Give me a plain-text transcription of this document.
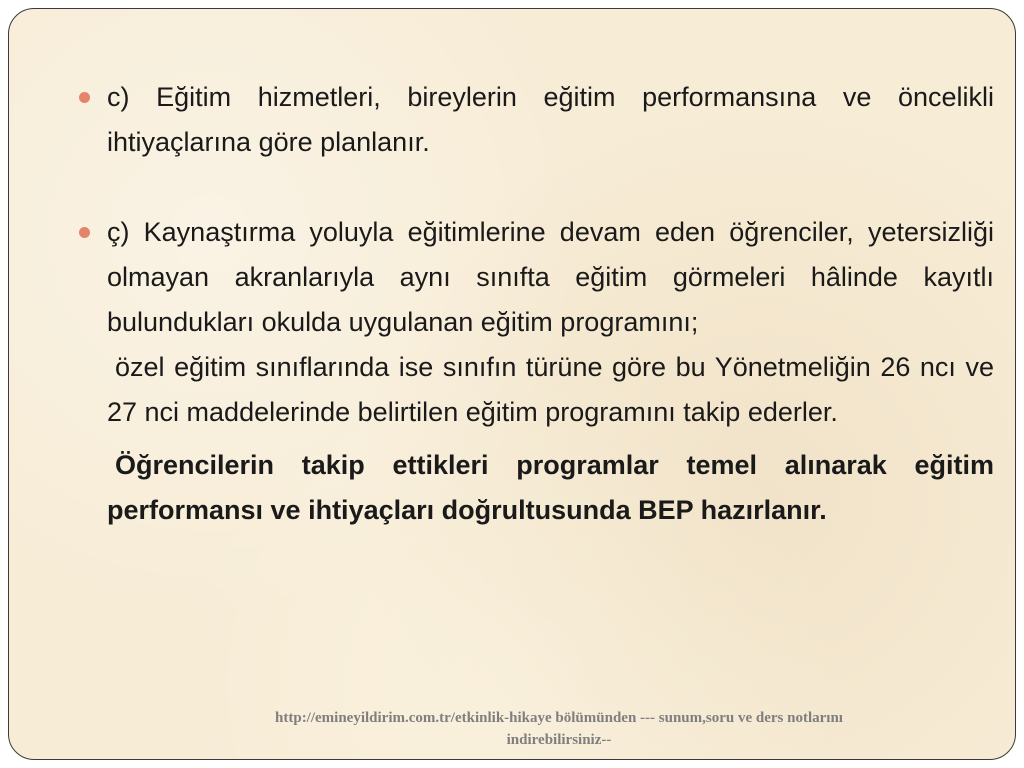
c) Eğitim hizmetleri, bireylerin eğitim performansına ve öncelikli ihtiyaçlarına göre planlanır.
ç) Kaynaştırma yoluyla eğitimlerine devam eden öğrenciler, yetersizliği olmayan akranlarıyla aynı sınıfta eğitim görmeleri hâlinde kayıtlı bulundukları okulda uygulanan eğitim programını;
özel eğitim sınıflarında ise sınıfın türüne göre bu Yönetmeliğin 26 ncı ve 27 nci maddelerinde belirtilen eğitim programını takip ederler.
Öğrencilerin takip ettikleri programlar temel alınarak eğitim performansı ve ihtiyaçları doğrultusunda BEP hazırlanır.
http://emineyildirim.com.tr/etkinlik-hikaye bölümünden --- sunum,soru ve ders notlarını
indirebilirsiniz--
